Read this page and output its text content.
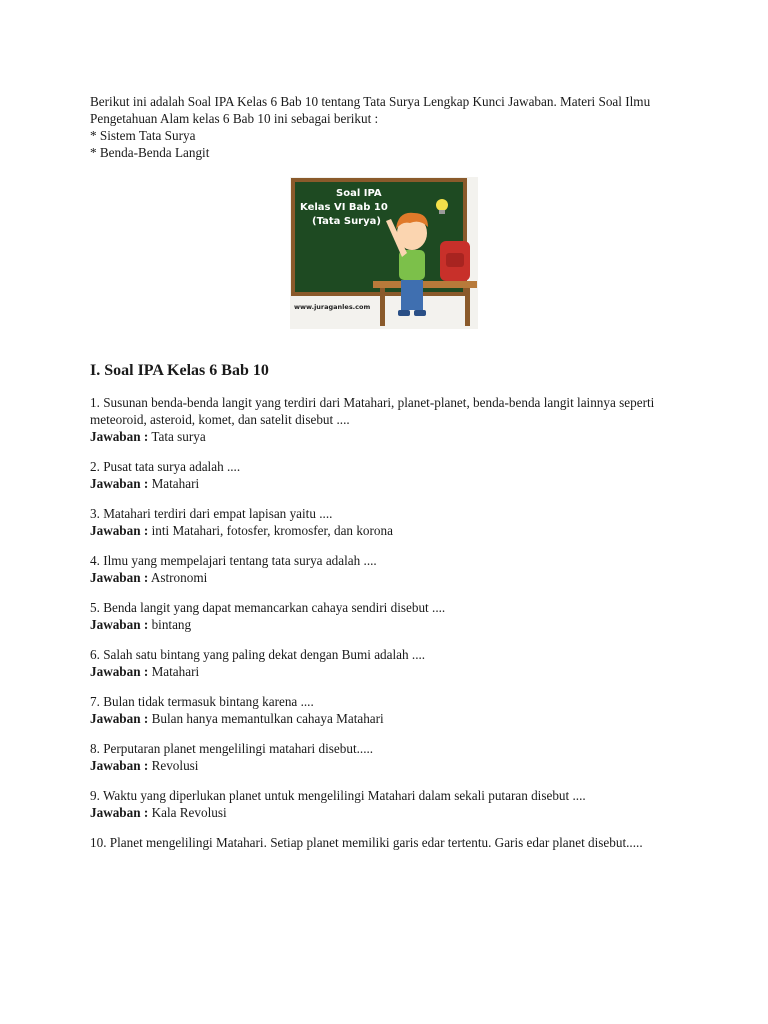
Berikut ini adalah Soal IPA Kelas 6 Bab 10 tentang Tata Surya Lengkap Kunci Jawaban. Materi Soal Ilmu Pengetahuan Alam kelas 6 Bab 10 ini sebagai berikut :

* Sistem Tata Surya

* Benda-Benda Langit

Soal IPA
Kelas VI Bab 10
(Tata Surya)
www.juraganles.com
I. Soal IPA Kelas 6 Bab 10

1. Susunan benda-benda langit yang terdiri dari Matahari, planet-planet, benda-benda langit lainnya seperti meteoroid, asteroid, komet, dan satelit disebut ....

Jawaban : Tata surya

2. Pusat tata surya adalah ....

Jawaban : Matahari

3. Matahari terdiri dari empat lapisan yaitu ....

Jawaban : inti Matahari, fotosfer, kromosfer, dan korona

4. Ilmu yang mempelajari tentang tata surya adalah ....

Jawaban : Astronomi

5. Benda langit yang dapat memancarkan cahaya sendiri disebut ....

Jawaban : bintang

6. Salah satu bintang yang paling dekat dengan Bumi adalah ....

Jawaban : Matahari

7. Bulan tidak termasuk bintang karena ....

Jawaban : Bulan hanya memantulkan cahaya Matahari

8. Perputaran planet mengelilingi matahari disebut.....

Jawaban : Revolusi

9. Waktu yang diperlukan planet untuk mengelilingi Matahari dalam sekali putaran disebut ....

Jawaban : Kala Revolusi

10. Planet mengelilingi Matahari. Setiap planet memiliki garis edar tertentu. Garis edar planet disebut.....
